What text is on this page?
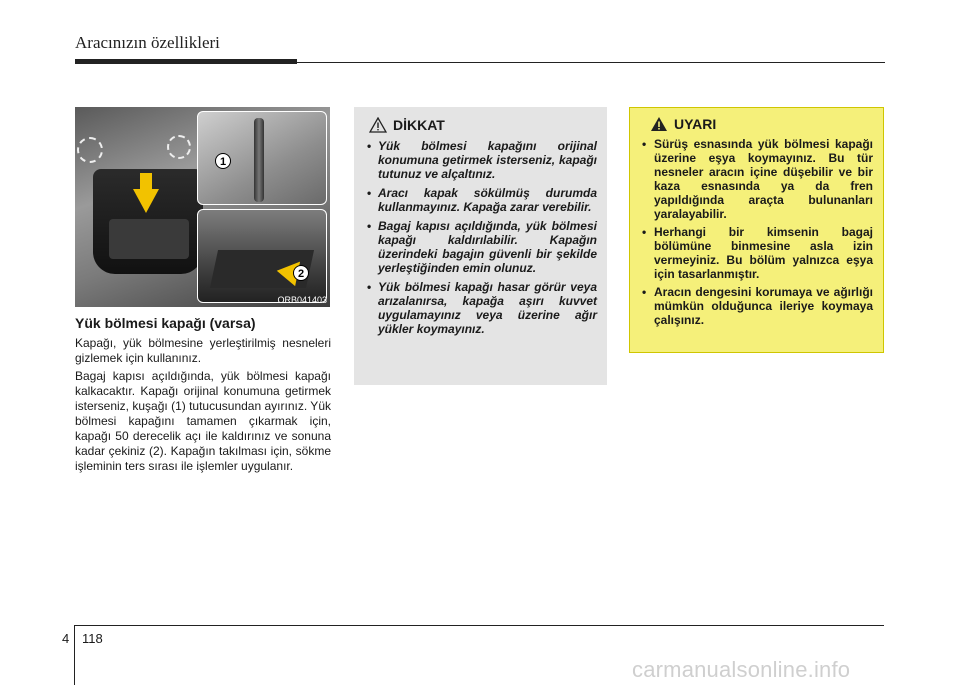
Aracınızın özellikleri
1
2
ORB041403
Yük bölmesi kapağı (varsa)

Kapağı, yük bölmesine yerleştirilmiş nesneleri gizlemek için kullanınız.

Bagaj kapısı açıldığında, yük bölmesi kapağı kalkacaktır. Kapağı orijinal konumuna getirmek isterseniz, kuşağı (1) tutucusundan ayırınız. Yük bölmesi kapağını tamamen çıkarmak için, kapağı 50 derecelik açı ile kaldırınız ve sonuna kadar çekiniz (2). Kapağın takılması için, sökme işleminin ters sırası ile işlemler uygulanır.

DİKKAT
• Yük bölmesi kapağını orijinal konumuna getirmek isterseniz, kapağı tutunuz ve alçaltınız.
• Aracı kapak sökülmüş durumda kullanmayınız. Kapağa zarar verebilir.
• Bagaj kapısı açıldığında, yük bölmesi kapağı kaldırılabilir. Kapağın üzerindeki bagajın güvenli bir şekilde yerleştiğinden emin olunuz.
• Yük bölmesi kapağı hasar görür veya arızalanırsa, kapağa aşırı kuvvet uygulamayınız veya üzerine ağır yükler koymayınız.
UYARI
• Sürüş esnasında yük bölmesi kapağı üzerine eşya koymayınız. Bu tür nesneler aracın içine düşebilir ve bir kaza esnasında ya da fren yapıldığında araçta bulunanları yaralayabilir.
• Herhangi bir kimsenin bagaj bölümüne binmesine asla izin vermeyiniz. Bu bölüm yalnızca eşya için tasarlanmıştır.
• Aracın dengesini korumaya ve ağırlığı mümkün olduğunca ileriye koymaya çalışınız.
4 118
carmanualsonline.info
